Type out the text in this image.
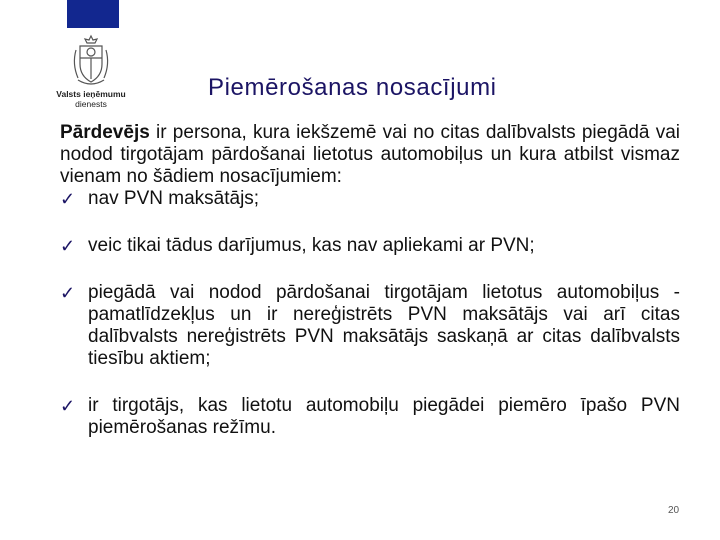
Valsts ieņēmumu
dienests
Piemērošanas nosacījumi

Pārdevējs ir persona, kura iekšzemē vai no citas dalībvalsts piegādā vai nodod tirgotājam pārdošanai lietotus automobiļus un kura atbilst vismaz vienam no šādiem nosacījumiem:

✓ nav PVN maksātājs;
✓ veic tikai tādus darījumus, kas nav apliekami ar PVN;
✓ piegādā vai nodod pārdošanai tirgotājam lietotus automobiļus - pamatlīdzekļus un ir nereģistrēts PVN maksātājs vai arī citas dalībvalsts nereģistrēts PVN maksātājs saskaņā ar citas dalībvalsts tiesību aktiem;
✓ ir tirgotājs, kas lietotu automobiļu piegādei piemēro īpašo PVN piemērošanas režīmu.
20
